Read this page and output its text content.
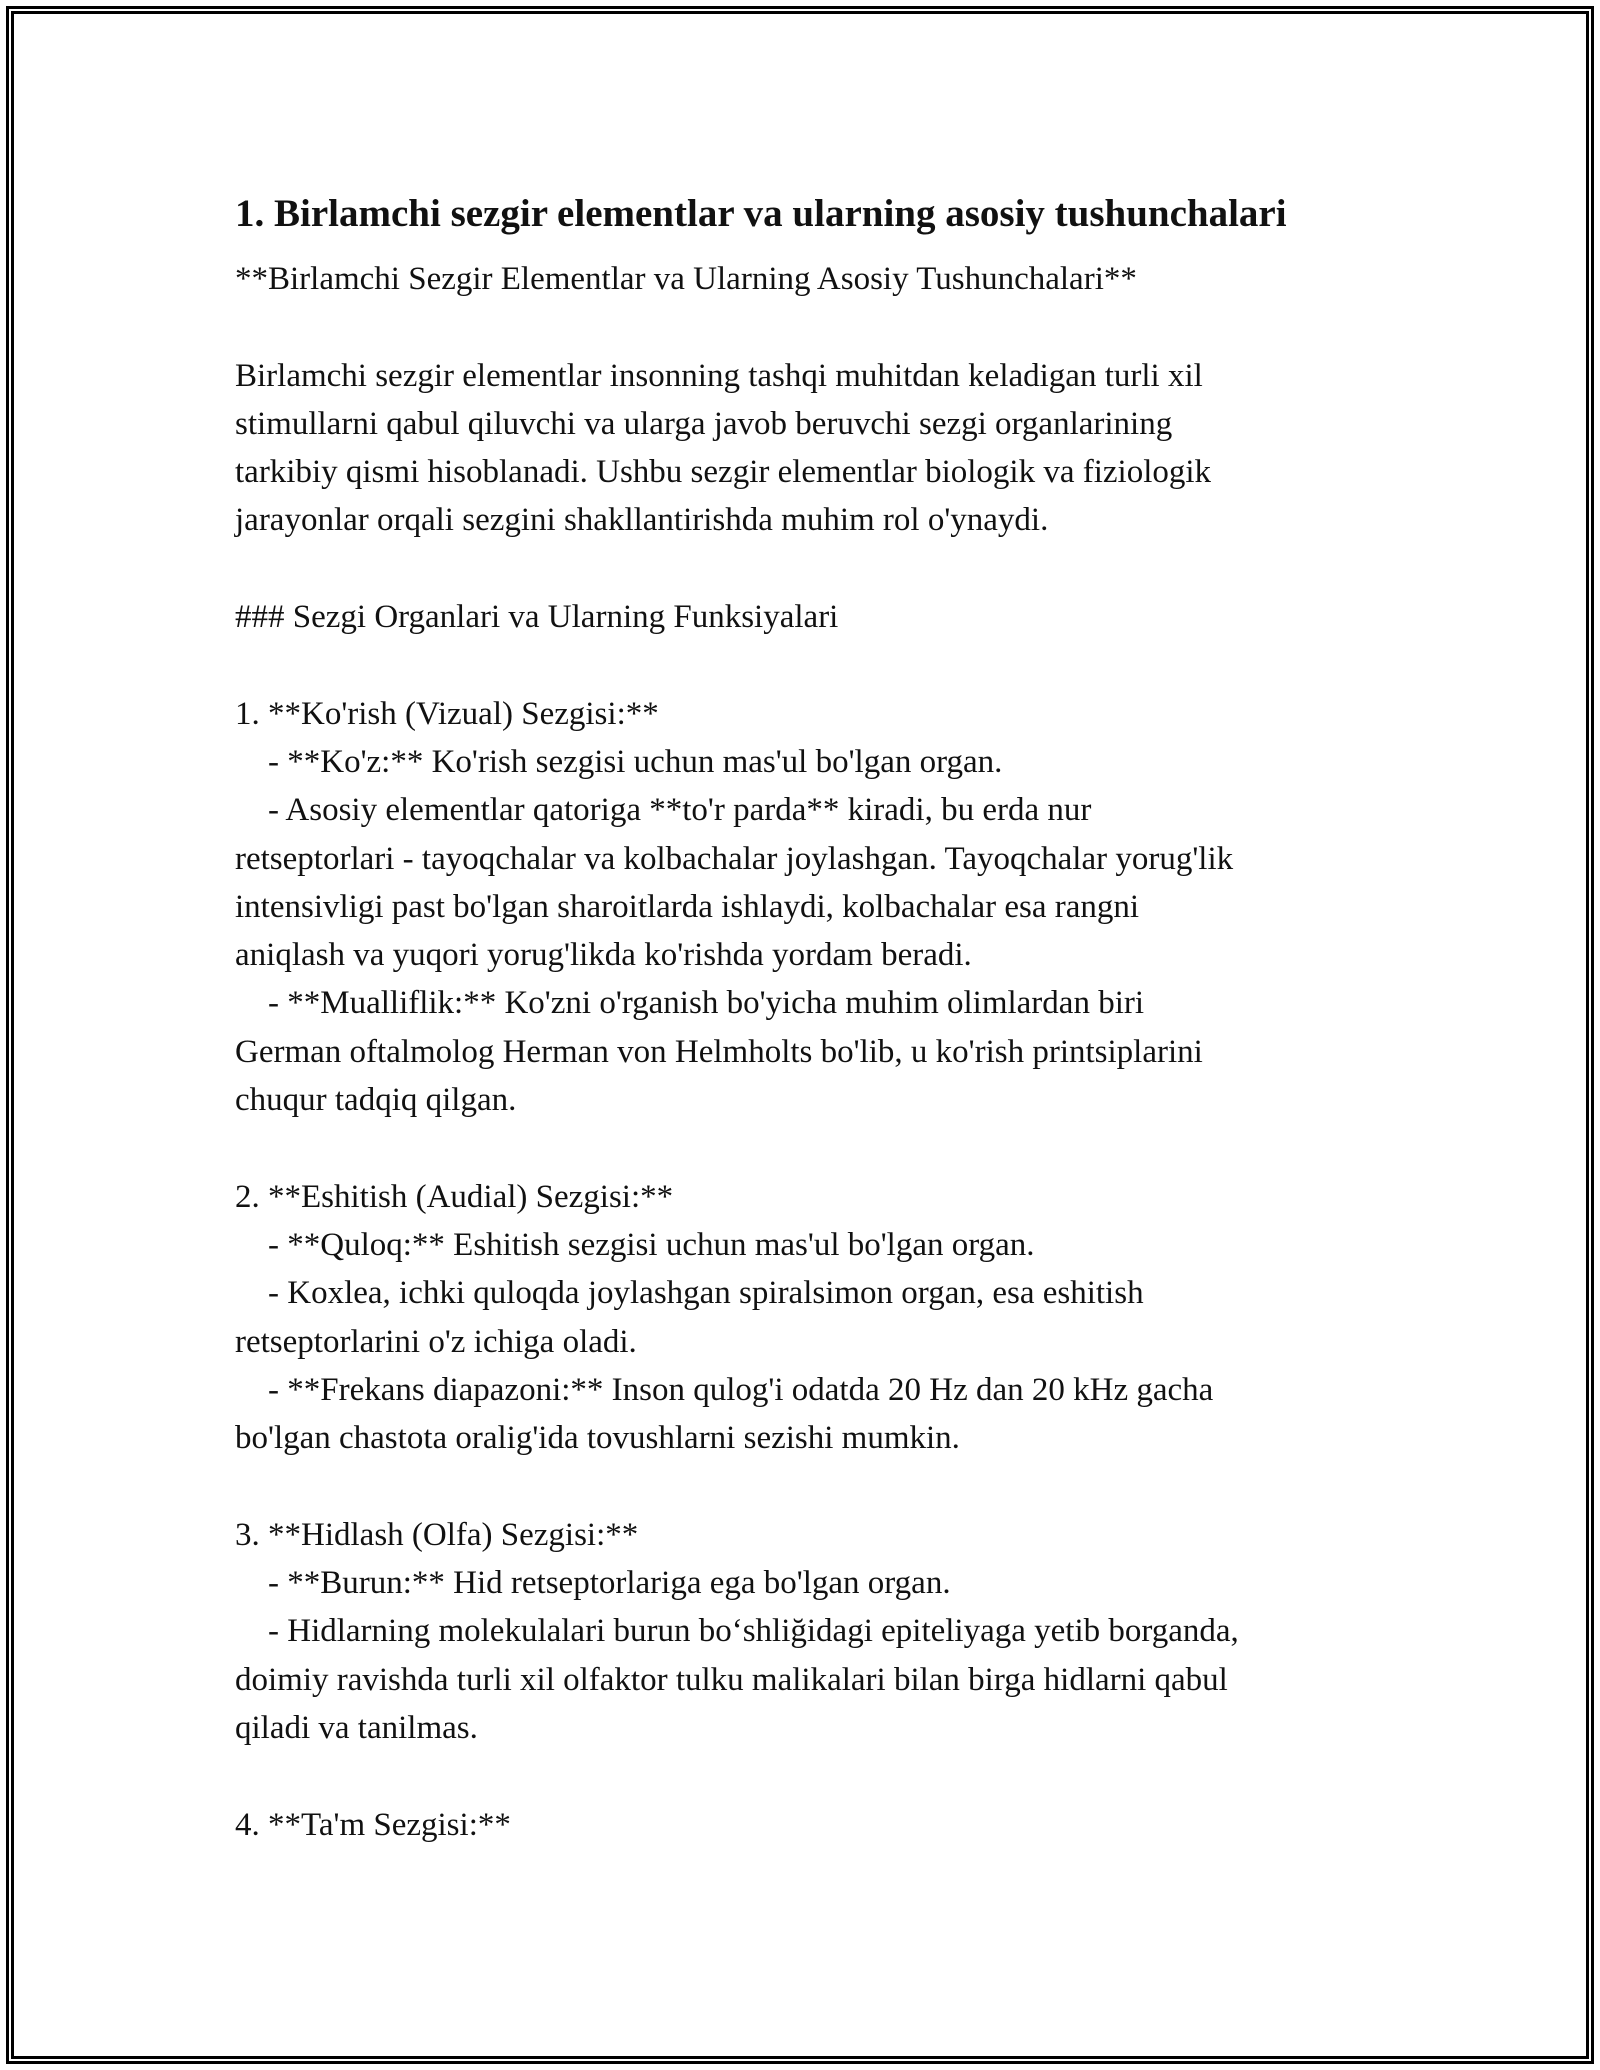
1. Birlamchi sezgir elementlar va ularning asosiy tushunchalari
**Birlamchi Sezgir Elementlar va Ularning Asosiy Tushunchalari**
Birlamchi sezgir elementlar insonning tashqi muhitdan keladigan turli xil
stimullarni qabul qiluvchi va ularga javob beruvchi sezgi organlarining
tarkibiy qismi hisoblanadi. Ushbu sezgir elementlar biologik va fiziologik
jarayonlar orqali sezgini shakllantirishda muhim rol o'ynaydi.
### Sezgi Organlari va Ularning Funksiyalari
1. **Ko'rish (Vizual) Sezgisi:**
- **Ko'z:** Ko'rish sezgisi uchun mas'ul bo'lgan organ.
- Asosiy elementlar qatoriga **to'r parda** kiradi, bu erda nur
retseptorlari - tayoqchalar va kolbachalar joylashgan. Tayoqchalar yorug'lik
intensivligi past bo'lgan sharoitlarda ishlaydi, kolbachalar esa rangni
aniqlash va yuqori yorug'likda ko'rishda yordam beradi.
- **Mualliflik:** Ko'zni o'rganish bo'yicha muhim olimlardan biri
German oftalmolog Herman von Helmholts bo'lib, u ko'rish printsiplarini
chuqur tadqiq qilgan.
2. **Eshitish (Audial) Sezgisi:**
- **Quloq:** Eshitish sezgisi uchun mas'ul bo'lgan organ.
- Koxlea, ichki quloqda joylashgan spiralsimon organ, esa eshitish
retseptorlarini o'z ichiga oladi.
- **Frekans diapazoni:** Inson qulog'i odatda 20 Hz dan 20 kHz gacha
bo'lgan chastota oralig'ida tovushlarni sezishi mumkin.
3. **Hidlash (Olfa) Sezgisi:**
- **Burun:** Hid retseptorlariga ega bo'lgan organ.
- Hidlarning molekulalari burun bo‘shliğidagi epiteliyaga yetib borganda,
doimiy ravishda turli xil olfaktor tulku malikalari bilan birga hidlarni qabul
qiladi va tanilmas.
4. **Ta'm Sezgisi:**
